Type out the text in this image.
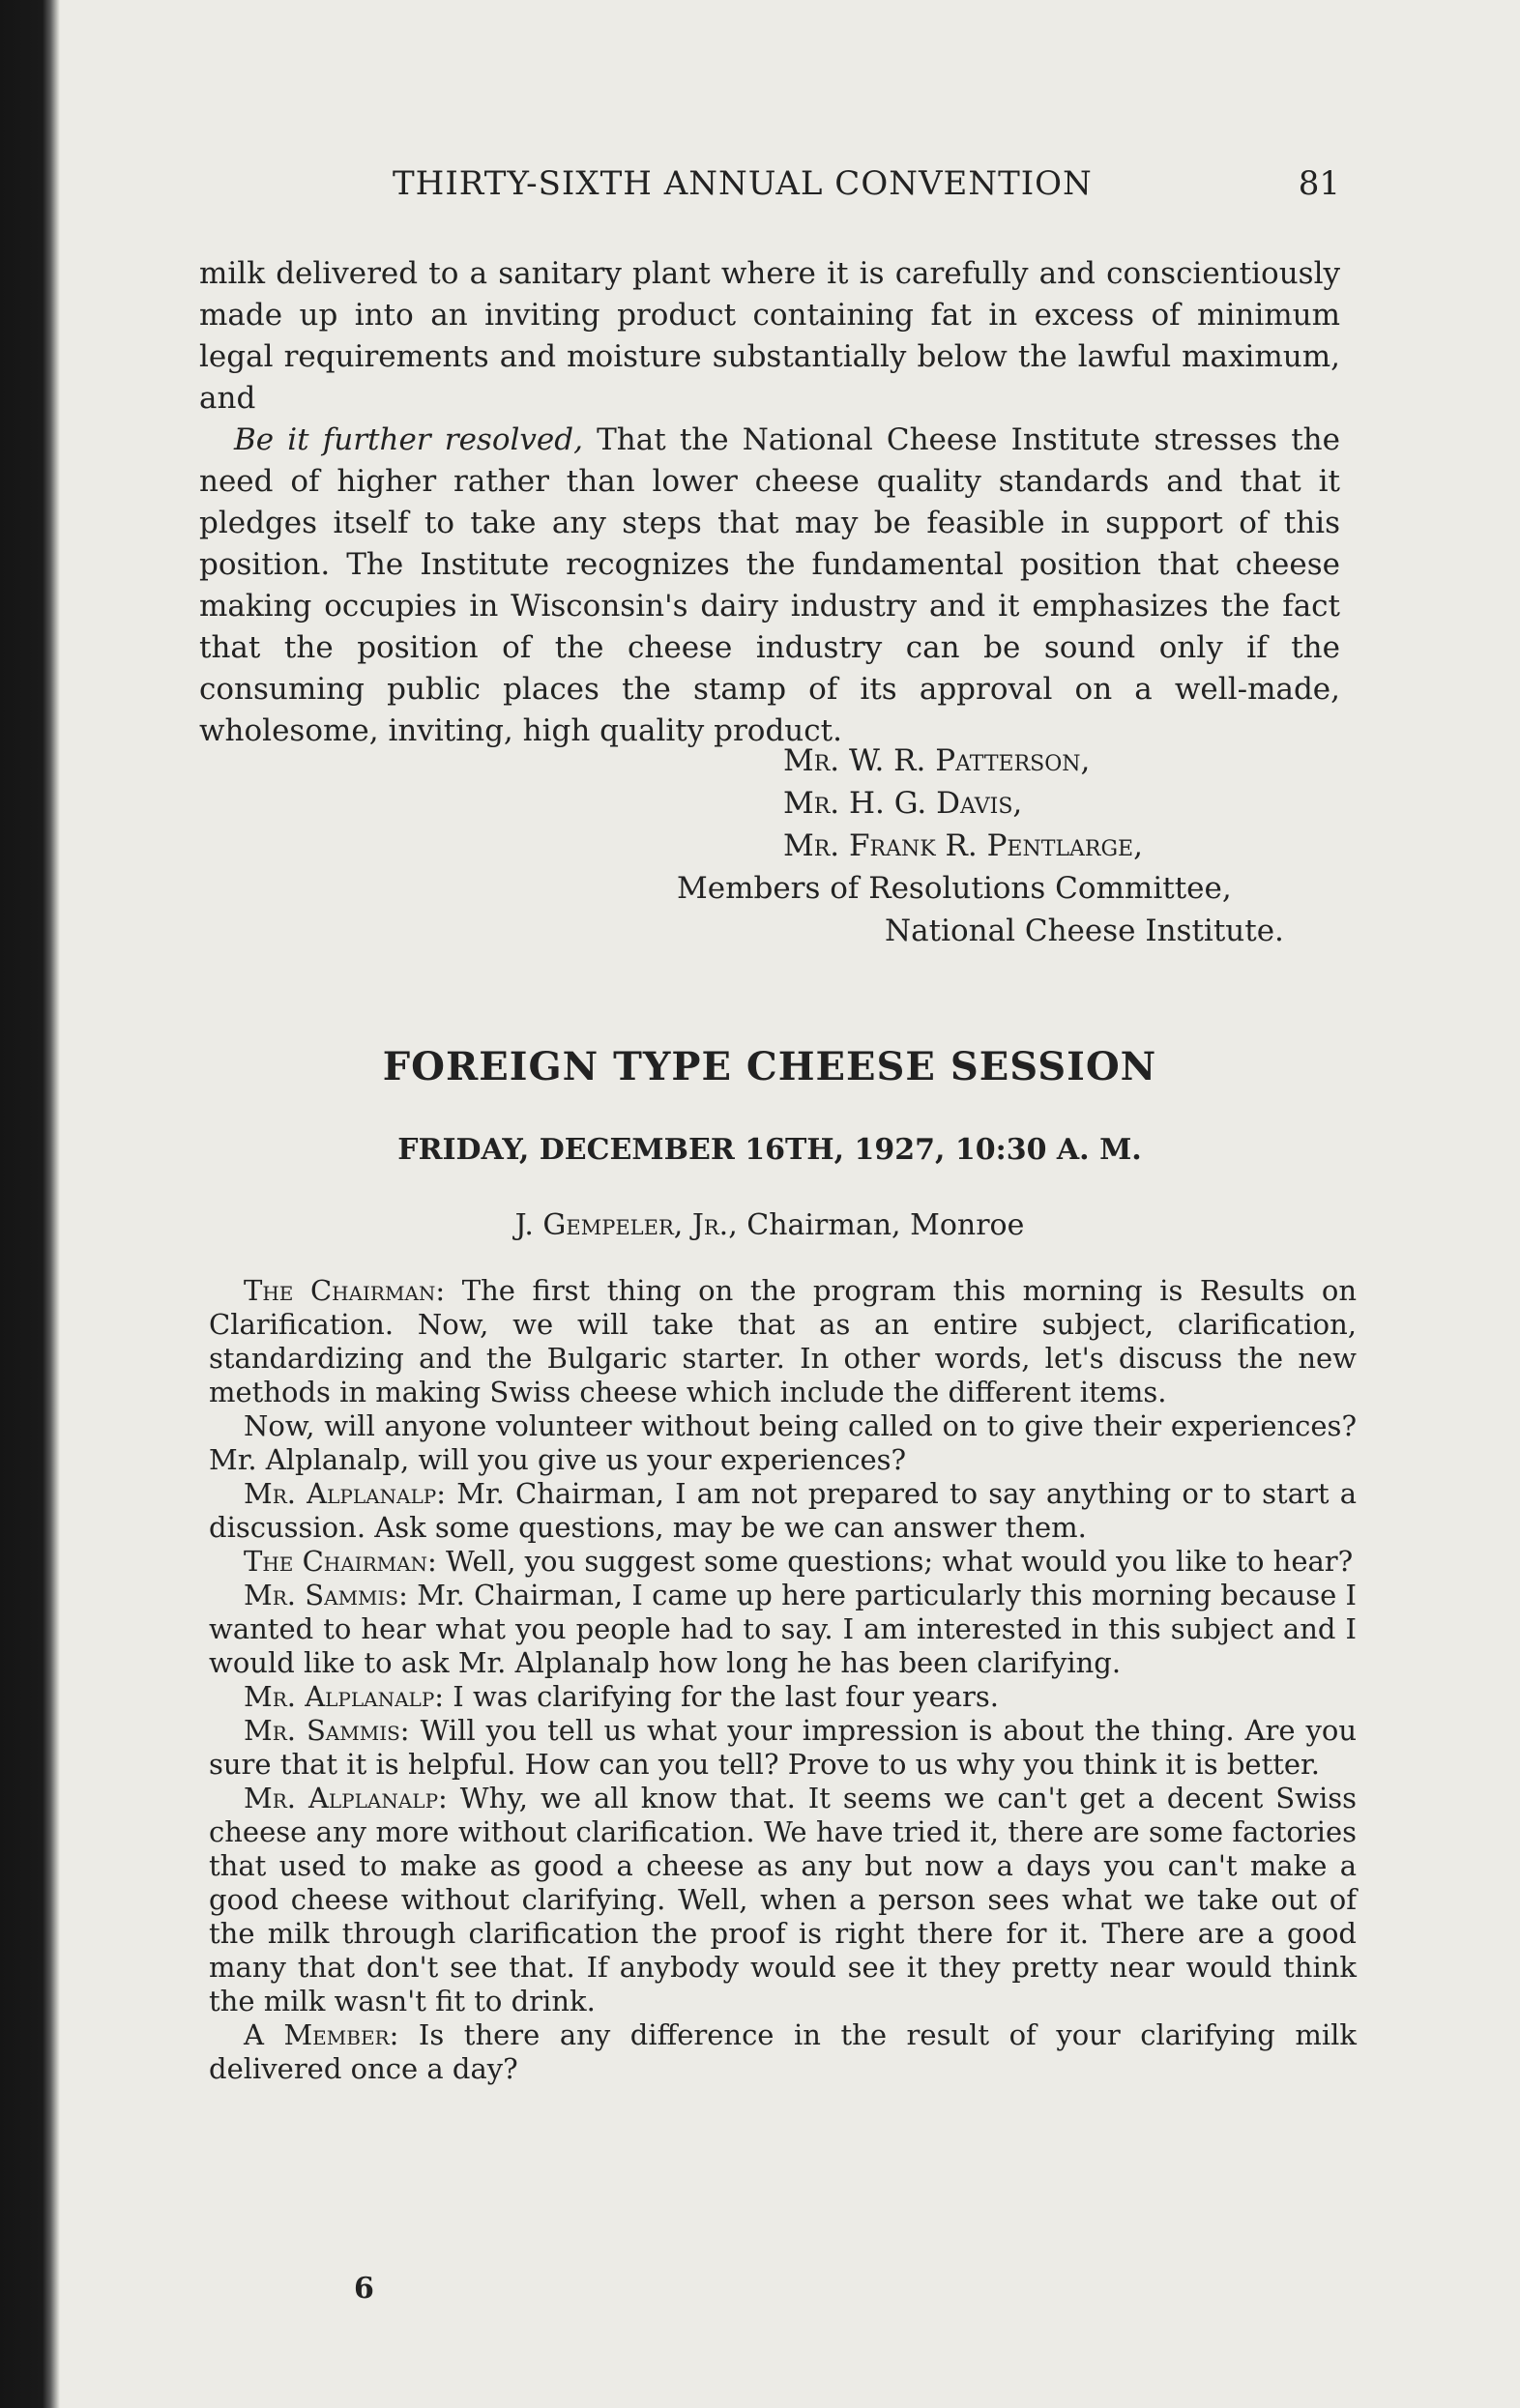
THIRTY-SIXTH ANNUAL CONVENTION	81

milk delivered to a sanitary plant where it is carefully and conscientiously made up into an inviting product containing fat in excess of minimum legal requirements and moisture substantially below the lawful maximum, and

Be it further resolved, That the National Cheese Institute stresses the need of higher rather than lower cheese quality standards and that it pledges itself to take any steps that may be feasible in support of this position. The Institute recognizes the fundamental position that cheese making occupies in Wisconsin's dairy industry and it emphasizes the fact that the position of the cheese industry can be sound only if the consuming public places the stamp of its approval on a well-made, wholesome, inviting, high quality product.

Mr. W. R. Patterson,
Mr. H. G. Davis,
Mr. Frank R. Pentlarge,
Members of Resolutions Committee,
National Cheese Institute.
FOREIGN TYPE CHEESE SESSION
FRIDAY, DECEMBER 16TH, 1927, 10:30 A. M.
J. Gempeler, Jr., Chairman, Monroe

The Chairman: The first thing on the program this morning is Results on Clarification. Now, we will take that as an entire subject, clarification, standardizing and the Bulgaric starter. In other words, let's discuss the new methods in making Swiss cheese which include the different items.

Now, will anyone volunteer without being called on to give their experiences? Mr. Alplanalp, will you give us your experiences?

Mr. Alplanalp: Mr. Chairman, I am not prepared to say anything or to start a discussion. Ask some questions, may be we can answer them.

The Chairman: Well, you suggest some questions; what would you like to hear?

Mr. Sammis: Mr. Chairman, I came up here particularly this morning because I wanted to hear what you people had to say. I am interested in this subject and I would like to ask Mr. Alplanalp how long he has been clarifying.

Mr. Alplanalp: I was clarifying for the last four years.

Mr. Sammis: Will you tell us what your impression is about the thing. Are you sure that it is helpful. How can you tell? Prove to us why you think it is better.

Mr. Alplanalp: Why, we all know that. It seems we can't get a decent Swiss cheese any more without clarification. We have tried it, there are some factories that used to make as good a cheese as any but now a days you can't make a good cheese without clarifying. Well, when a person sees what we take out of the milk through clarification the proof is right there for it. There are a good many that don't see that. If anybody would see it they pretty near would think the milk wasn't fit to drink.

A Member: Is there any difference in the result of your clarifying milk delivered once a day?

6
